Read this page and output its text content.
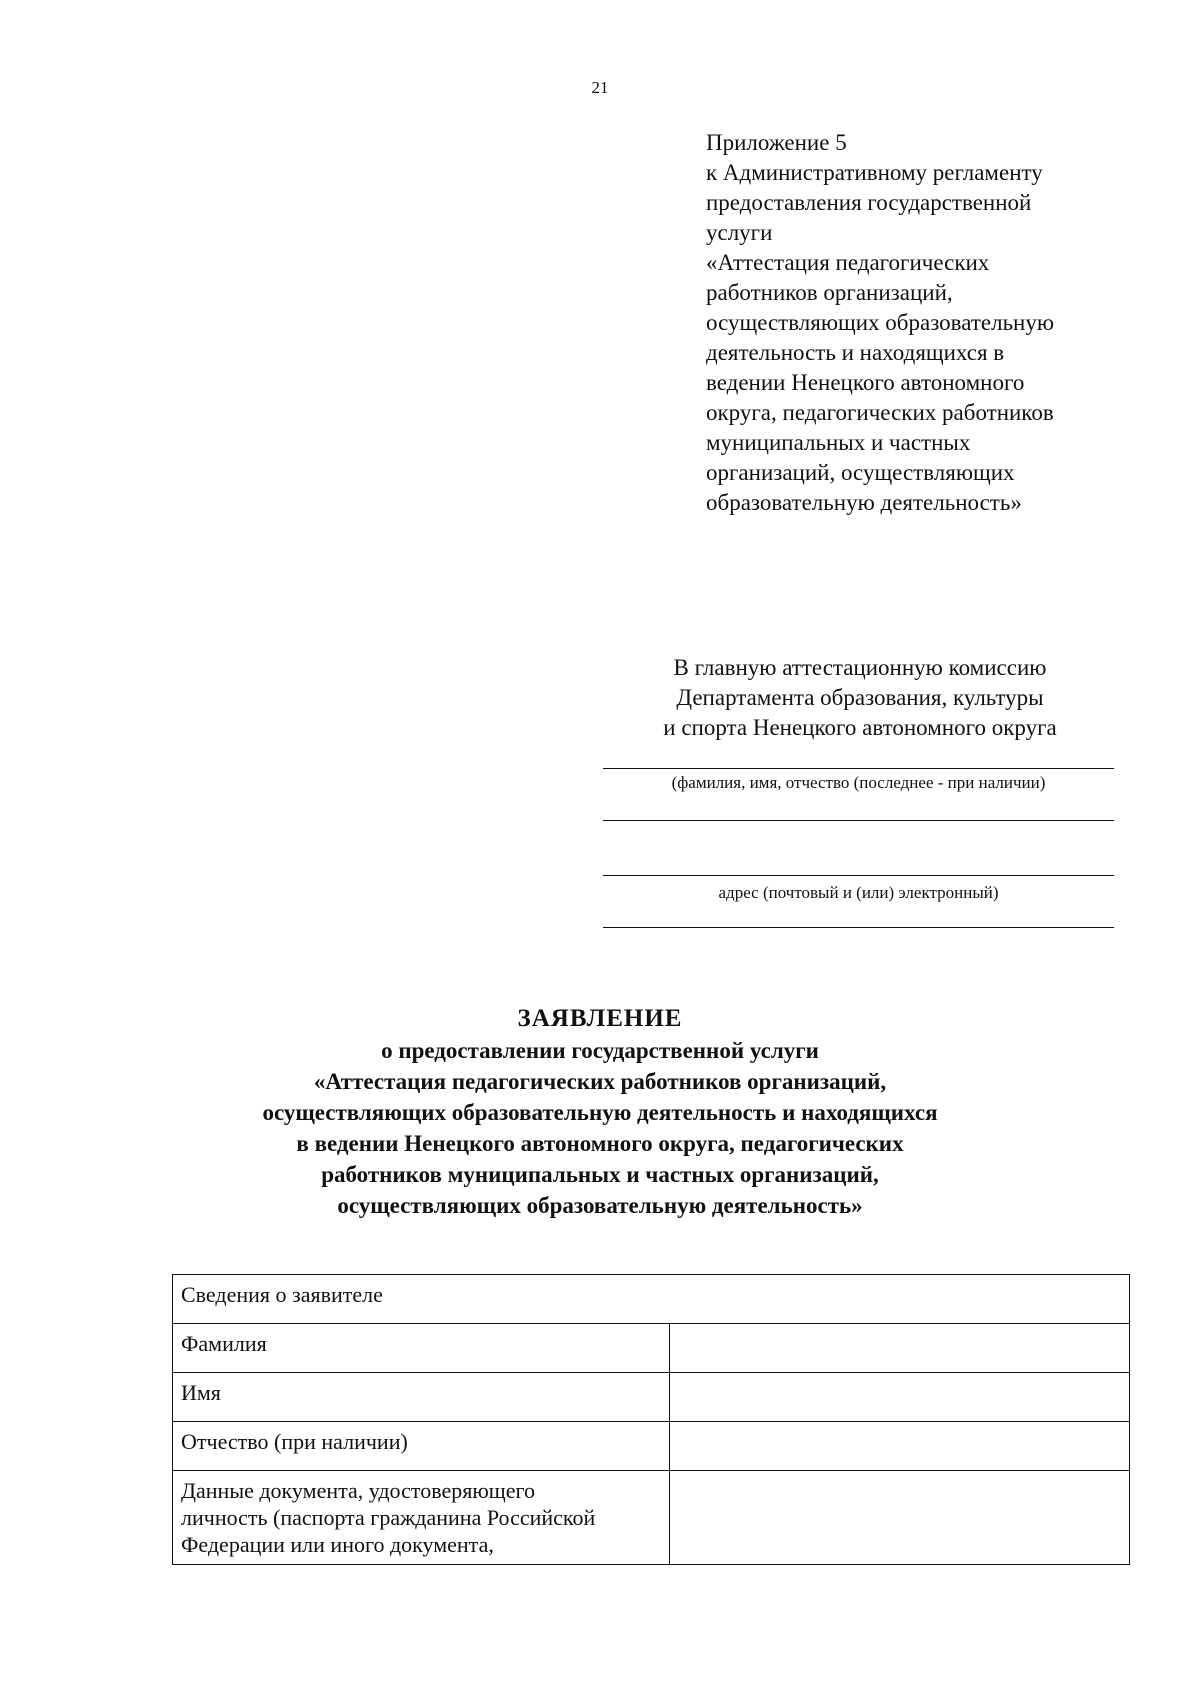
21
Приложение 5
к Административному регламенту
предоставления государственной
услуги
«Аттестация педагогических
работников организаций,
осуществляющих образовательную
деятельность и находящихся в
ведении Ненецкого автономного
округа, педагогических работников
муниципальных и частных
организаций, осуществляющих
образовательную деятельность»
В главную аттестационную комиссию
Департамента образования, культуры
и спорта Ненецкого автономного округа
(фамилия, имя, отчество (последнее - при наличии)
адрес (почтовый и (или) электронный)
ЗАЯВЛЕНИЕ
о предоставлении государственной услуги
«Аттестация педагогических работников организаций,
осуществляющих образовательную деятельность и находящихся
в ведении Ненецкого автономного округа, педагогических
работников муниципальных и частных организаций,
осуществляющих образовательную деятельность»
Сведения о заявителе	
Фамилия	
Имя	
Отчество (при наличии)	

Данные документа, удостоверяющего
личность (паспорта гражданина Российской
Федерации или иного документа,	
